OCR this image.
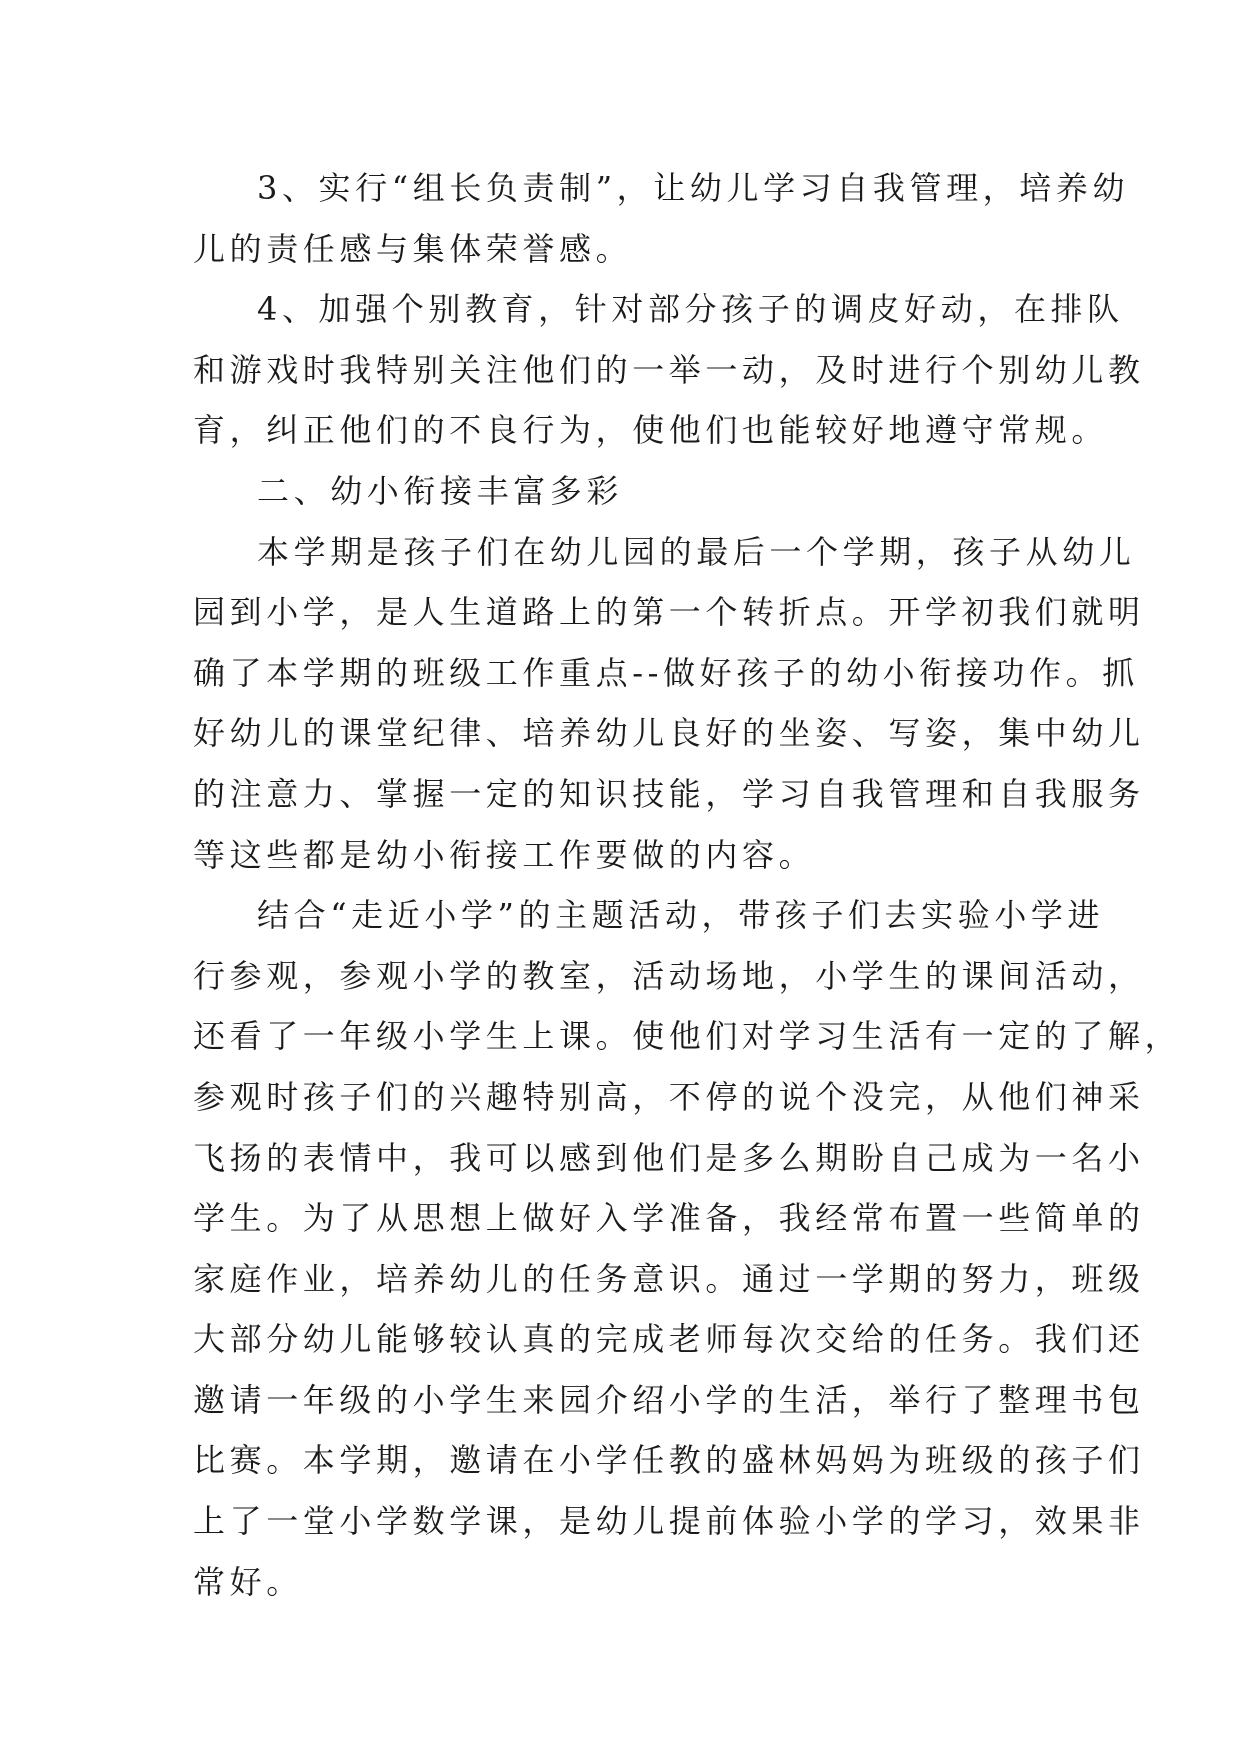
3、实行“组长负责制”，让幼儿学习自我管理，培养幼
儿的责任感与集体荣誉感。
4、加强个别教育，针对部分孩子的调皮好动，在排队
和游戏时我特别关注他们的一举一动，及时进行个别幼儿教
育，纠正他们的不良行为，使他们也能较好地遵守常规。
二、幼小衔接丰富多彩
本学期是孩子们在幼儿园的最后一个学期，孩子从幼儿
园到小学，是人生道路上的第一个转折点。开学初我们就明
确了本学期的班级工作重点--做好孩子的幼小衔接功作。抓
好幼儿的课堂纪律、培养幼儿良好的坐姿、写姿，集中幼儿
的注意力、掌握一定的知识技能，学习自我管理和自我服务
等这些都是幼小衔接工作要做的内容。
结合“走近小学”的主题活动，带孩子们去实验小学进
行参观，参观小学的教室，活动场地，小学生的课间活动，
还看了一年级小学生上课。使他们对学习生活有一定的了解，
参观时孩子们的兴趣特别高，不停的说个没完，从他们神采
飞扬的表情中，我可以感到他们是多么期盼自己成为一名小
学生。为了从思想上做好入学准备，我经常布置一些简单的
家庭作业，培养幼儿的任务意识。通过一学期的努力，班级
大部分幼儿能够较认真的完成老师每次交给的任务。我们还
邀请一年级的小学生来园介绍小学的生活，举行了整理书包
比赛。本学期，邀请在小学任教的盛林妈妈为班级的孩子们
上了一堂小学数学课，是幼儿提前体验小学的学习，效果非
常好。
